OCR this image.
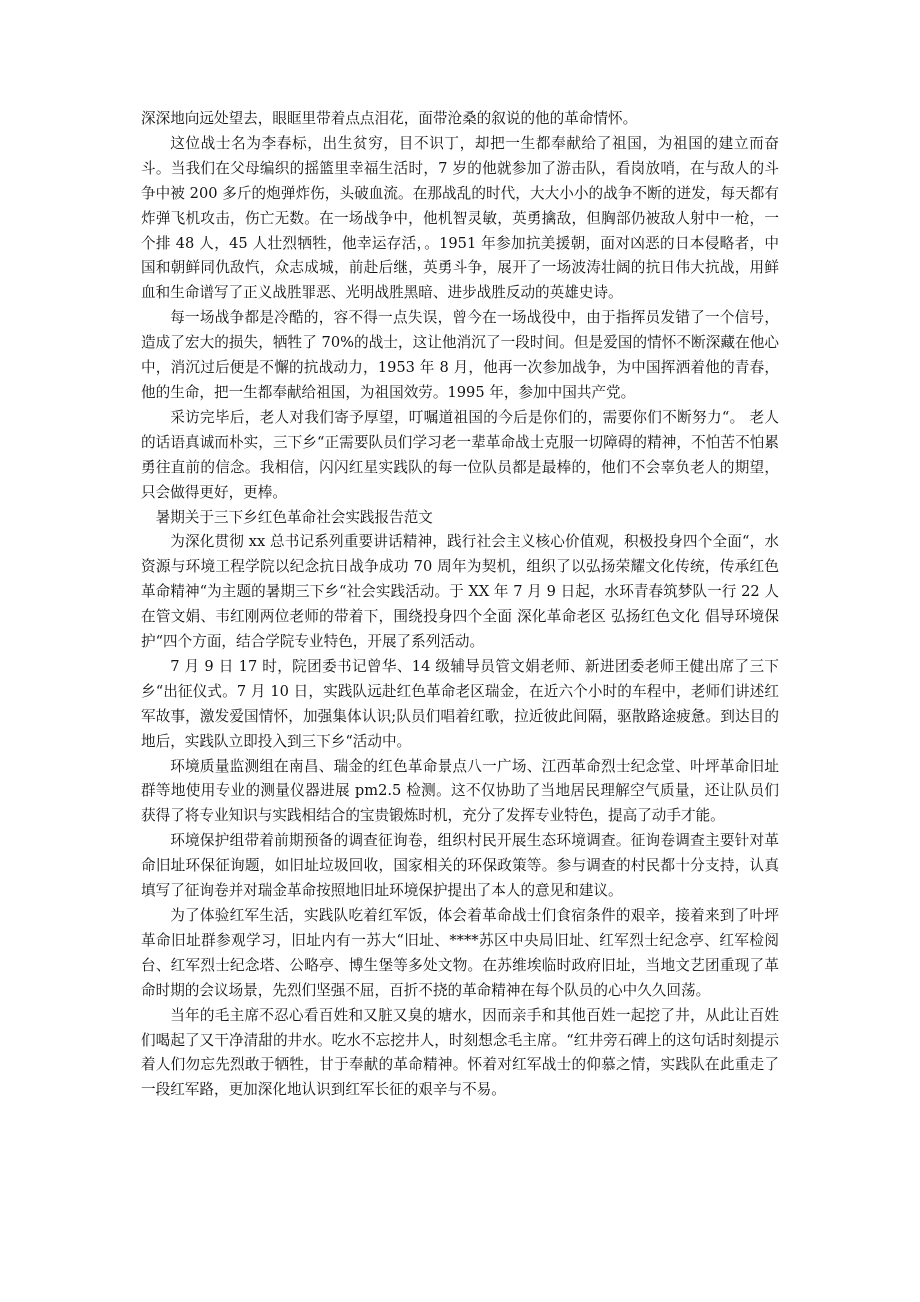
深深地向远处望去，眼眶里带着点点泪花，面带沧桑的叙说的他的革命情怀。

这位战士名为李春标，出生贫穷，目不识丁，却把一生都奉献给了祖国，为祖国的建立而奋斗。当我们在父母编织的摇篮里幸福生活时，7 岁的他就参加了游击队，看岗放哨，在与敌人的斗争中被 200 多斤的炮弹炸伤，头破血流。在那战乱的时代，大大小小的战争不断的迸发，每天都有炸弹飞机攻击，伤亡无数。在一场战争中，他机智灵敏，英勇擒敌，但胸部仍被敌人射中一枪，一个排 48 人，45 人壮烈牺牲，他幸运存活，。1951 年参加抗美援朝，面对凶恶的日本侵略者，中国和朝鲜同仇敌忾，众志成城，前赴后继，英勇斗争，展开了一场波涛壮阔的抗日伟大抗战，用鲜血和生命谱写了正义战胜罪恶、光明战胜黑暗、进步战胜反动的英雄史诗。

每一场战争都是冷酷的，容不得一点失误，曾今在一场战役中，由于指挥员发错了一个信号，造成了宏大的损失，牺牲了 70%的战士，这让他消沉了一段时间。但是爱国的情怀不断深藏在他心中，消沉过后便是不懈的抗战动力，1953 年 8 月，他再一次参加战争，为中国挥洒着他的青春，他的生命，把一生都奉献给祖国，为祖国效劳。1995 年，参加中国共产党。

采访完毕后，老人对我们寄予厚望，叮嘱道祖国的今后是你们的，需要你们不断努力“。 老人的话语真诚而朴实，三下乡“正需要队员们学习老一辈革命战士克服一切障碍的精神，不怕苦不怕累勇往直前的信念。我相信，闪闪红星实践队的每一位队员都是最棒的，他们不会辜负老人的期望，只会做得更好，更棒。

暑期关于三下乡红色革命社会实践报告范文

为深化贯彻 xx 总书记系列重要讲话精神，践行社会主义核心价值观，积极投身四个全面“，水资源与环境工程学院以纪念抗日战争成功 70 周年为契机，组织了以弘扬荣耀文化传统，传承红色革命精神“为主题的暑期三下乡“社会实践活动。于 XX 年 7 月 9 日起，水环青春筑梦队一行 22 人在管文娟、韦红刚两位老师的带着下，围绕投身四个全面 深化革命老区 弘扬红色文化 倡导环境保护“四个方面，结合学院专业特色，开展了系列活动。

7 月 9 日 17 时，院团委书记曾华、14 级辅导员管文娟老师、新进团委老师王健出席了三下乡“出征仪式。7 月 10 日，实践队远赴红色革命老区瑞金，在近六个小时的车程中，老师们讲述红军故事，激发爱国情怀，加强集体认识;队员们唱着红歌，拉近彼此间隔，驱散路途疲惫。到达目的地后，实践队立即投入到三下乡“活动中。

环境质量监测组在南昌、瑞金的红色革命景点八一广场、江西革命烈士纪念堂、叶坪革命旧址群等地使用专业的测量仪器进展 pm2.5 检测。这不仅协助了当地居民理解空气质量，还让队员们获得了将专业知识与实践相结合的宝贵锻炼时机，充分了发挥专业特色，提高了动手才能。

环境保护组带着前期预备的调查征询卷，组织村民开展生态环境调查。征询卷调查主要针对革命旧址环保征询题，如旧址垃圾回收，国家相关的环保政策等。参与调查的村民都十分支持，认真填写了征询卷并对瑞金革命按照地旧址环境保护提出了本人的意见和建议。

为了体验红军生活，实践队吃着红军饭，体会着革命战士们食宿条件的艰辛，接着来到了叶坪革命旧址群参观学习，旧址内有一苏大“旧址、****苏区中央局旧址、红军烈士纪念亭、红军检阅台、红军烈士纪念塔、公略亭、博生堡等多处文物。在苏维埃临时政府旧址，当地文艺团重现了革命时期的会议场景，先烈们坚强不屈，百折不挠的革命精神在每个队员的心中久久回荡。

当年的毛主席不忍心看百姓和又脏又臭的塘水，因而亲手和其他百姓一起挖了井，从此让百姓们喝起了又干净清甜的井水。吃水不忘挖井人，时刻想念毛主席。“红井旁石碑上的这句话时刻提示着人们勿忘先烈敢于牺牲，甘于奉献的革命精神。怀着对红军战士的仰慕之情，实践队在此重走了一段红军路，更加深化地认识到红军长征的艰辛与不易。
